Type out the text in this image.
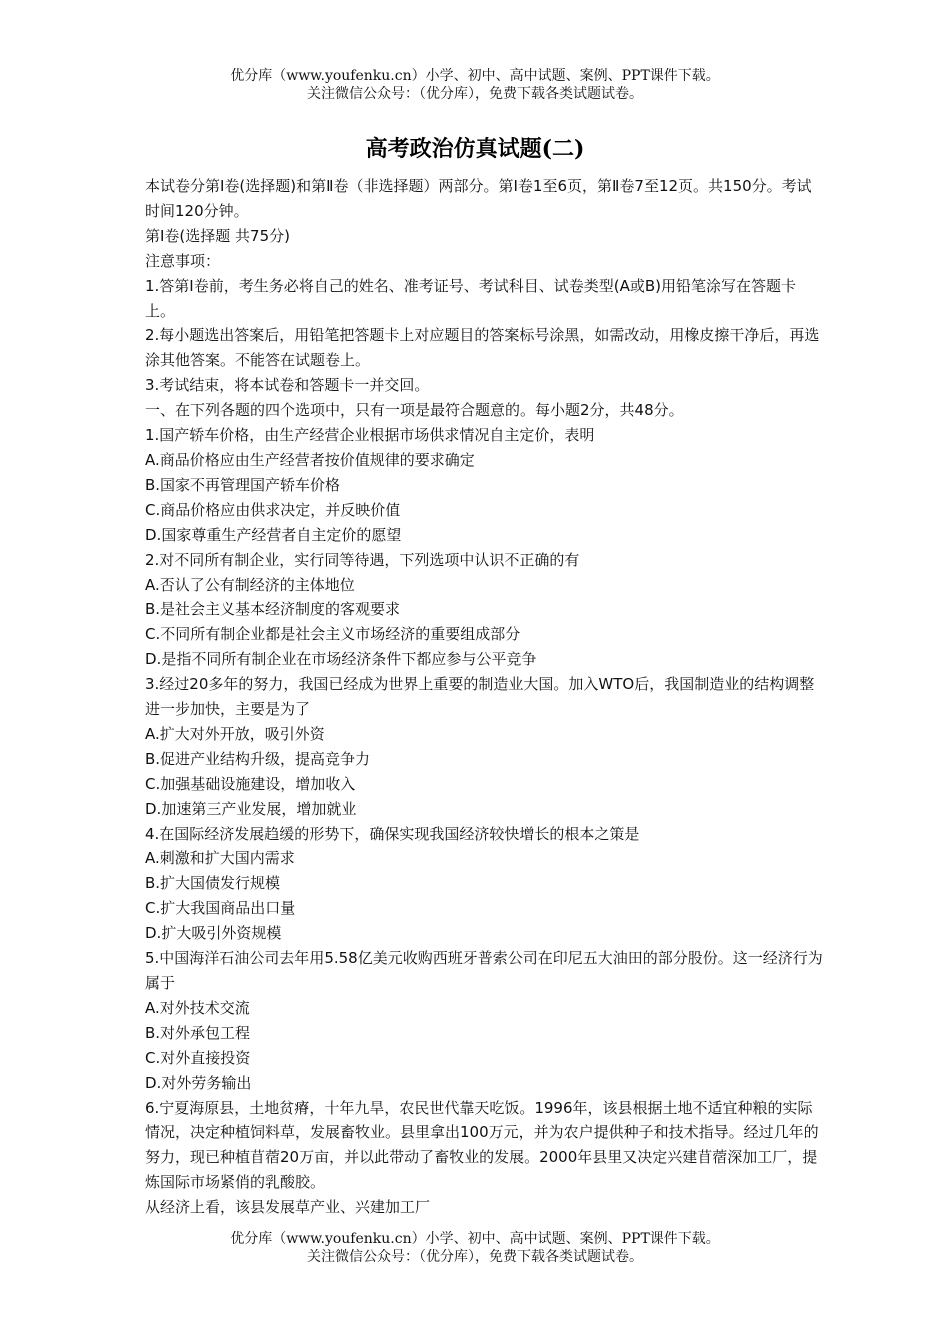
优分库（www.youfenku.cn）小学、初中、高中试题、案例、PPT课件下载。
关注微信公众号：（优分库），免费下载各类试题试卷。
高考政治仿真试题(二)

本试卷分第Ⅰ卷(选择题)和第Ⅱ卷（非选择题）两部分。第Ⅰ卷1至6页，第Ⅱ卷7至12页。共150分。考试时间120分钟。

第Ⅰ卷(选择题 共75分)

注意事项：

1.答第Ⅰ卷前，考生务必将自己的姓名、准考证号、考试科目、试卷类型(A或B)用铅笔涂写在答题卡上。

2.每小题选出答案后，用铅笔把答题卡上对应题目的答案标号涂黑，如需改动，用橡皮擦干净后，再选涂其他答案。不能答在试题卷上。

3.考试结束，将本试卷和答题卡一并交回。

一、在下列各题的四个选项中，只有一项是最符合题意的。每小题2分，共48分。

1.国产轿车价格，由生产经营企业根据市场供求情况自主定价，表明

A.商品价格应由生产经营者按价值规律的要求确定

B.国家不再管理国产轿车价格

C.商品价格应由供求决定，并反映价值

D.国家尊重生产经营者自主定价的愿望

2.对不同所有制企业，实行同等待遇，下列选项中认识不正确的有

A.否认了公有制经济的主体地位

B.是社会主义基本经济制度的客观要求

C.不同所有制企业都是社会主义市场经济的重要组成部分

D.是指不同所有制企业在市场经济条件下都应参与公平竞争

3.经过20多年的努力，我国已经成为世界上重要的制造业大国。加入WTO后，我国制造业的结构调整进一步加快，主要是为了

A.扩大对外开放，吸引外资

B.促进产业结构升级，提高竞争力

C.加强基础设施建设，增加收入

D.加速第三产业发展，增加就业

4.在国际经济发展趋缓的形势下，确保实现我国经济较快增长的根本之策是

A.刺激和扩大国内需求

B.扩大国债发行规模

C.扩大我国商品出口量

D.扩大吸引外资规模

5.中国海洋石油公司去年用5.58亿美元收购西班牙普索公司在印尼五大油田的部分股份。这一经济行为属于

A.对外技术交流

B.对外承包工程

C.对外直接投资

D.对外劳务输出

6.宁夏海原县，土地贫瘠，十年九旱，农民世代靠天吃饭。1996年，该县根据土地不适宜种粮的实际情况，决定种植饲料草，发展畜牧业。县里拿出100万元，并为农户提供种子和技术指导。经过几年的努力，现已种植苜蓿20万亩，并以此带动了畜牧业的发展。2000年县里又决定兴建苜蓿深加工厂，提炼国际市场紧俏的乳酸胶。

从经济上看，该县发展草产业、兴建加工厂

优分库（www.youfenku.cn）小学、初中、高中试题、案例、PPT课件下载。
关注微信公众号：（优分库），免费下载各类试题试卷。
